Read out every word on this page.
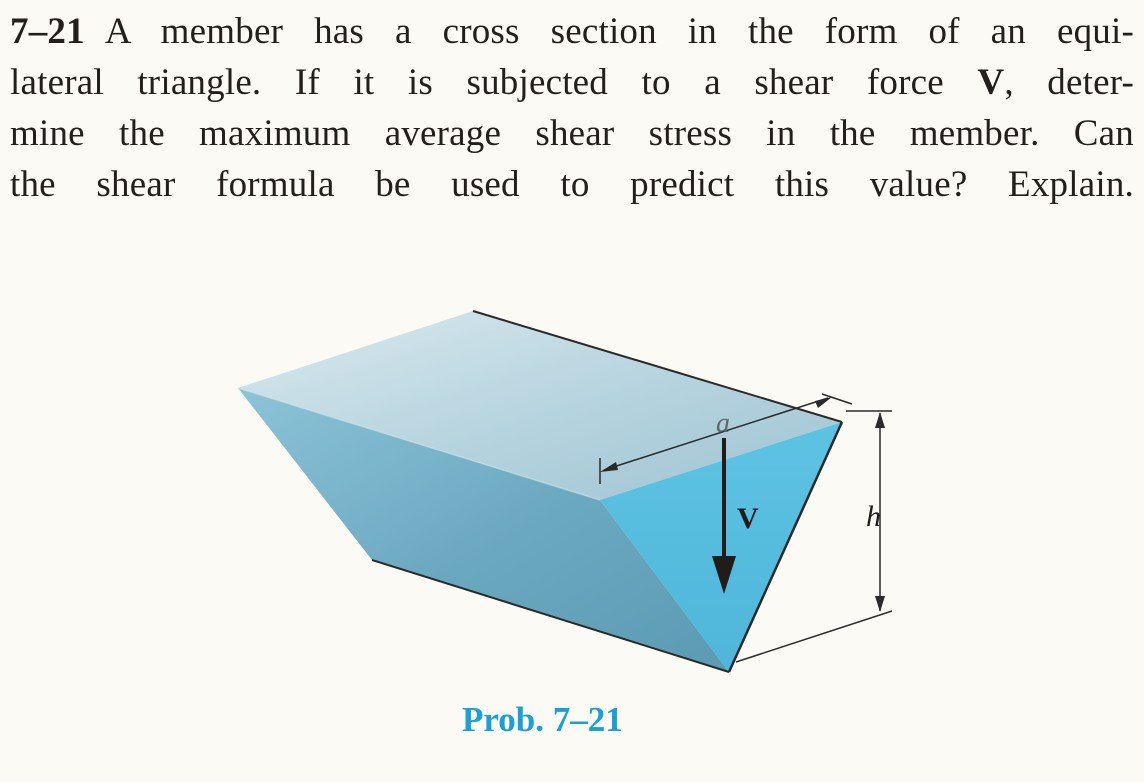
7–21 A member has a cross section in the form of an equi-
lateral triangle. If it is subjected to a shear force V, deter-
mine the maximum average shear stress in the member. Can
the shear formula be used to predict this value? Explain.
a
V	h
Prob. 7–21
